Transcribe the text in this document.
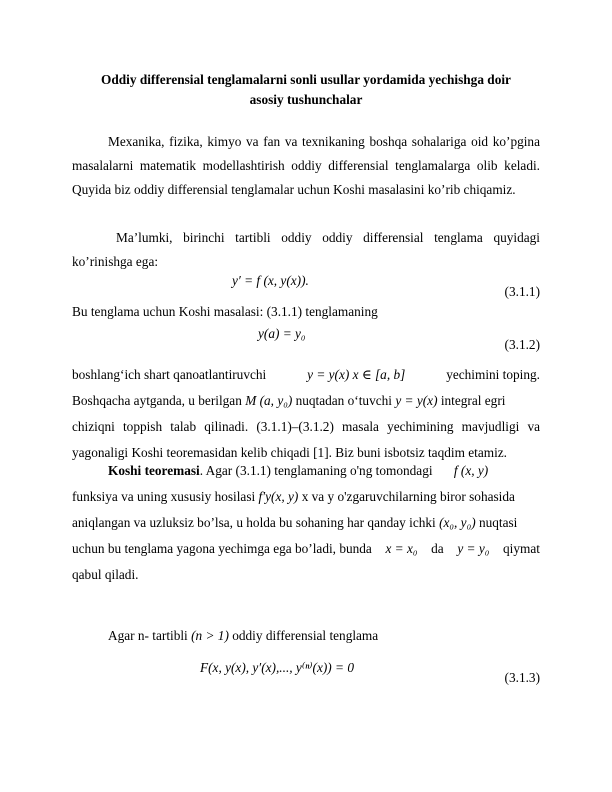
Oddiy differensial tenglamalarni sonli usullar yordamida yechishga doir
asosiy tushunchalar
Mexanika, fizika, kimyo va fan va texnikaning boshqa sohalariga oid ko’pgina masalalarni matematik modellashtirish oddiy differensial tenglamalarga olib keladi. Quyida biz oddiy differensial tenglamalar uchun Koshi masalasini ko’rib chiqamiz.
Ma’lumki, birinchi tartibli oddiy oddiy differensial tenglama quyidagi ko’rinishga ega:
y′ = f (x, y(x)).
(3.1.1)
Bu tenglama uchun Koshi masalasi: (3.1.1) tenglamaning
y(a) = y₀
(3.1.2)
boshlang‘ich shart qanoatlantiruvchi	y = y(x) x ∈ [a, b]	yechimini toping.
Boshqacha aytganda, u berilgan M (a, y₀) nuqtadan o‘tuvchi y = y(x) integral egri
chiziqni toppish talab qilinadi. (3.1.1)–(3.1.2) masala yechimining mavjudligi va yagonaligi Koshi teoremasidan kelib chiqadi [1]. Biz buni isbotsiz taqdim etamiz.
Koshi teoremasi. Agar (3.1.1) tenglamaning o'ng tomondagi f (x, y)
funksiya va uning xususiy hosilasi f′y(x, y) x va y o'zgaruvchilarning biror sohasida
aniqlangan va uzluksiz bo’lsa, u holda bu sohaning har qanday ichki (x₀, y₀) nuqtasi
uchun bu tenglama yagona yechimga ega bo’ladi, bunda x = x₀ da y = y₀ qiymat
qabul qiladi.
Agar n- tartibli (n > 1) oddiy differensial tenglama
F(x, y(x), y′(x),..., y⁽ⁿ⁾(x)) = 0
(3.1.3)
